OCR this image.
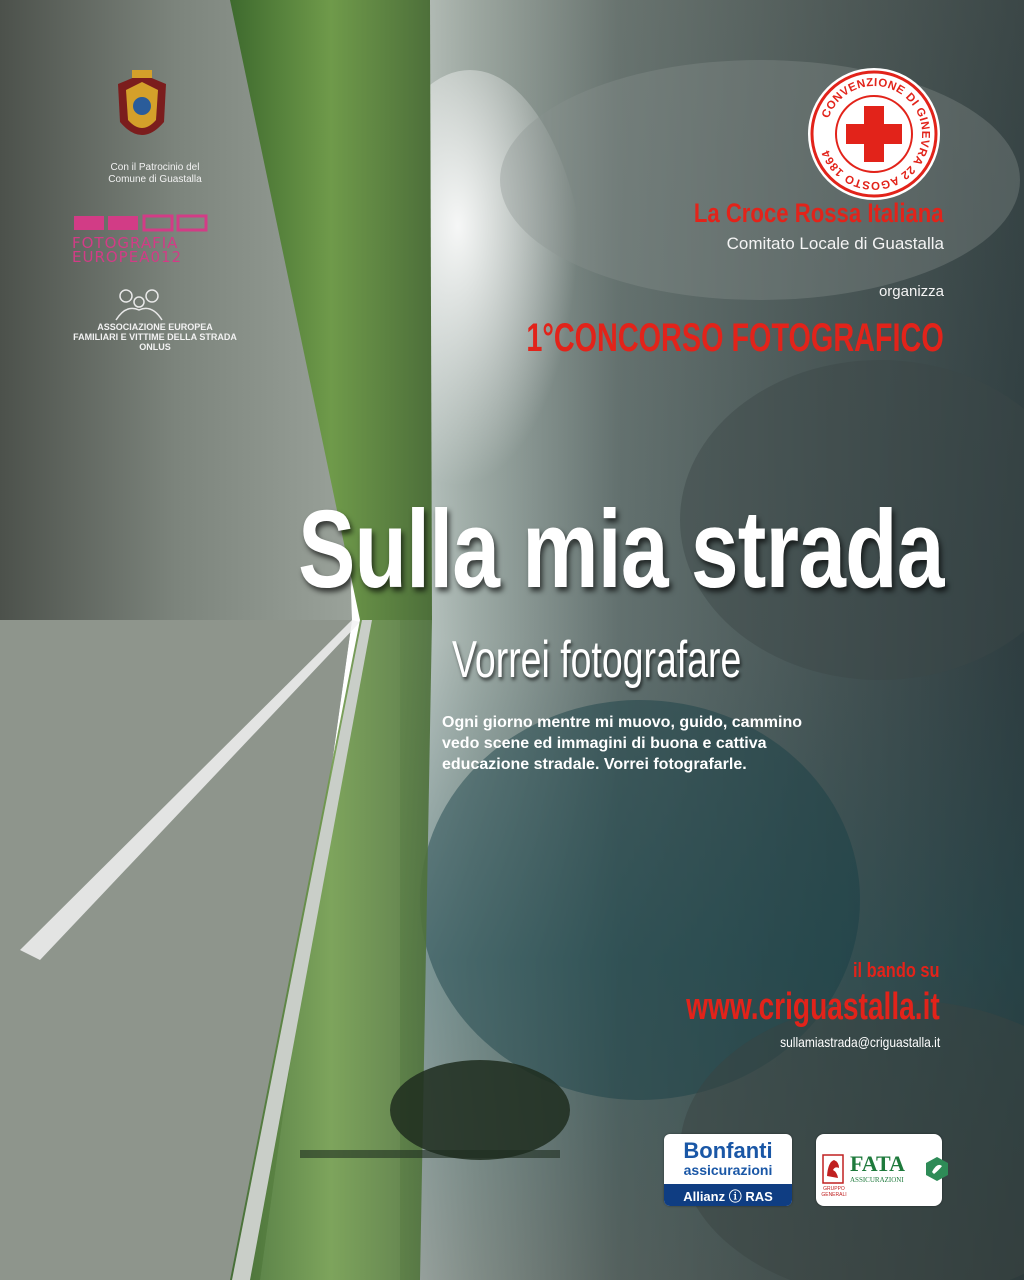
Con il Patrocinio del
Comune di Guastalla
FOTOGRAFIA
EUROPEA012
ASSOCIAZIONE EUROPEA
FAMILIARI E VITTIME DELLA STRADA
ONLUS
CONVENZIONE DI GINEVRA 22 AGOSTO 1864
La Croce Rossa Italiana
Comitato Locale di Guastalla
organizza
1°CONCORSO FOTOGRAFICO
Sulla mia strada
Vorrei fotografare
Ogni giorno mentre mi muovo, guido, cammino
vedo scene ed immagini di buona e cattiva
educazione stradale. Vorrei fotografarle.
il bando su
www.criguastalla.it
sullamiastrada@criguastalla.it
Bonfanti
assicurazioni
Allianz ⓘ RAS	GRUPPO GENERALI
FATA
ASSICURAZIONI
